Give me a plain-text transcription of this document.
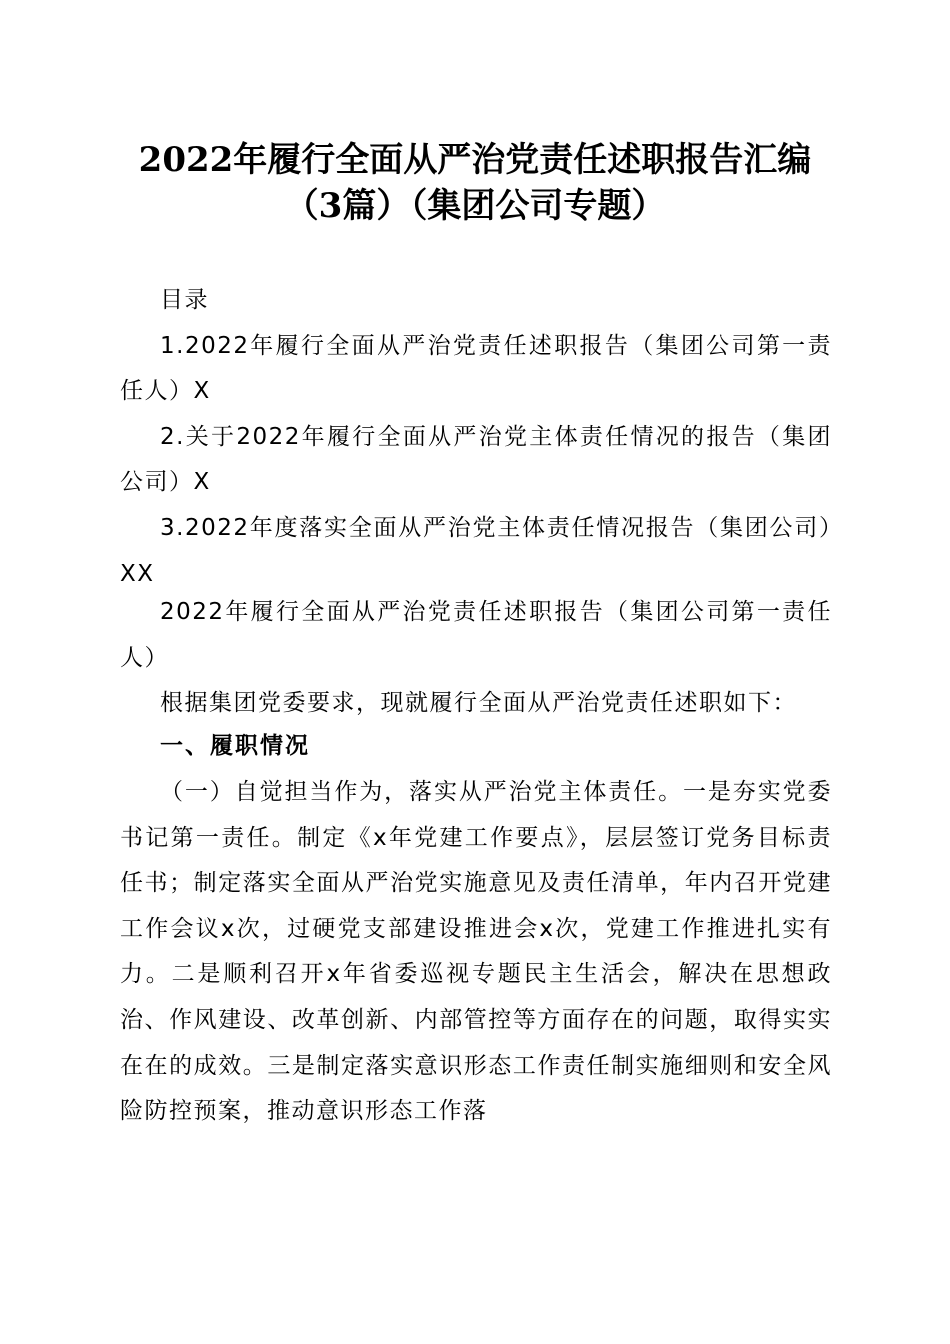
2022年履行全面从严治党责任述职报告汇编
（3篇）（集团公司专题）

目录

1.2022年履行全面从严治党责任述职报告（集团公司第一责任人）X

2.关于2022年履行全面从严治党主体责任情况的报告（集团公司）X

3.2022年度落实全面从严治党主体责任情况报告（集团公司）XX

2022年履行全面从严治党责任述职报告（集团公司第一责任人）

根据集团党委要求，现就履行全面从严治党责任述职如下：

一、履职情况

（一）自觉担当作为，落实从严治党主体责任。一是夯实党委书记第一责任。制定《x年党建工作要点》，层层签订党务目标责任书；制定落实全面从严治党实施意见及责任清单，年内召开党建工作会议x次，过硬党支部建设推进会x次，党建工作推进扎实有力。二是顺利召开x年省委巡视专题民主生活会，解决在思想政治、作风建设、改革创新、内部管控等方面存在的问题，取得实实在在的成效。三是制定落实意识形态工作责任制实施细则和安全风险防控预案，推动意识形态工作落
